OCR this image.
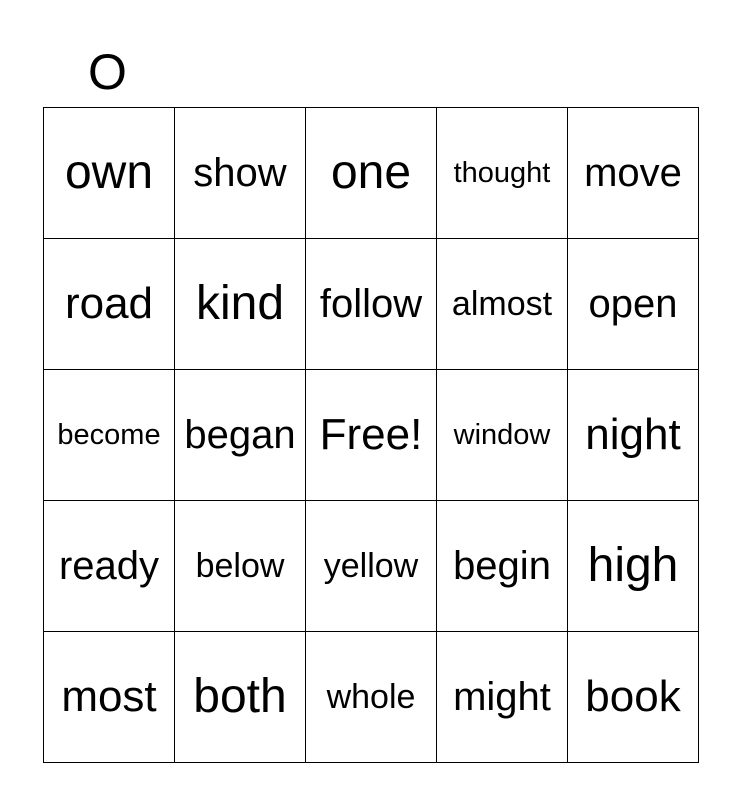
O
own	show	one	thought	move
road	kind	follow	almost	open
become	began	Free!	window	night
ready	below	yellow	begin	high
most	both	whole	might	book
